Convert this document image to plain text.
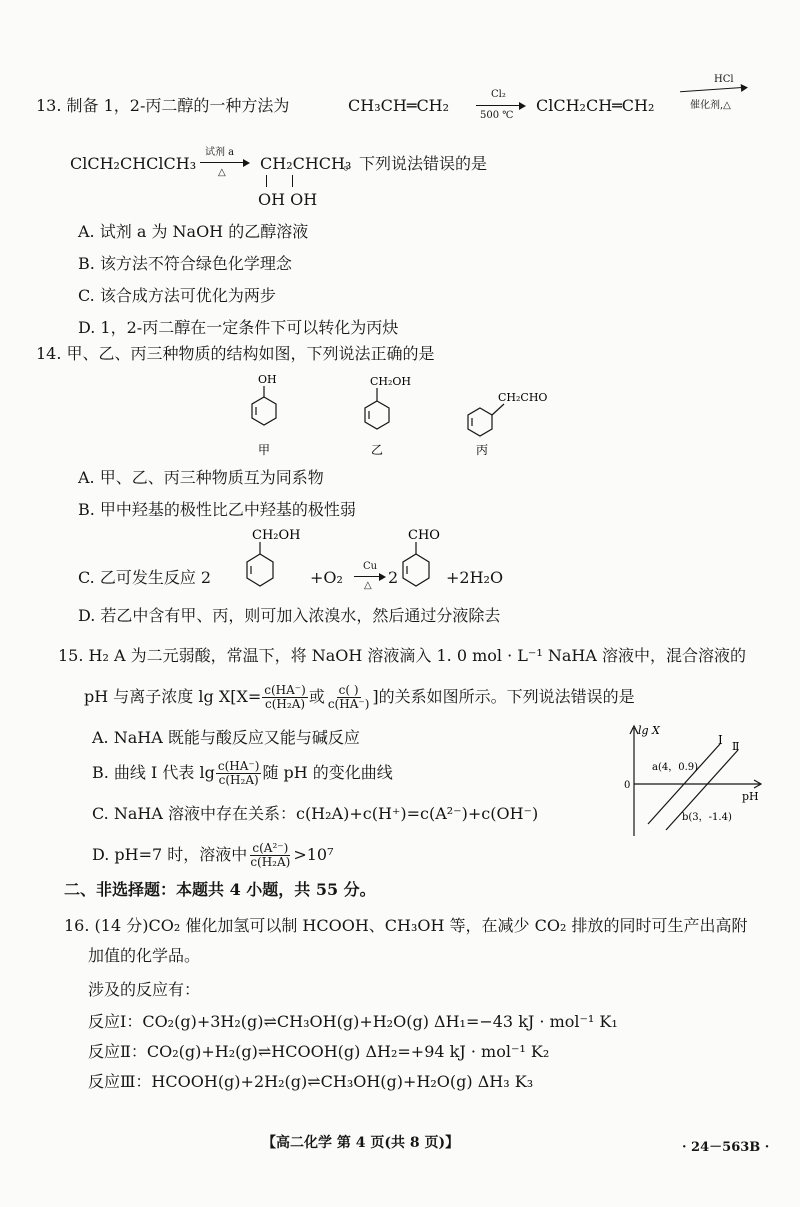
13. 制备 1，2-丙二醇的一种方法为	CH₃CH═CH₂
Cl₂
500 ℃
ClCH₂CH═CH₂
HCl
催化剂,△
ClCH₂CHClCH₃
试剂 a
△ CH₂CHCH₃
OH OH
。下列说法错误的是
A. 试剂 a 为 NaOH 的乙醇溶液
B. 该方法不符合绿色化学理念
C. 该合成方法可优化为两步
D. 1，2-丙二醇在一定条件下可以转化为丙炔
14. 甲、乙、丙三种物质的结构如图，下列说法正确的是
OH	CH₂OH
CH₂CHO
甲	乙	丙
A. 甲、乙、丙三种物质互为同系物
B. 甲中羟基的极性比乙中羟基的极性弱
C. 乙可发生反应 2
CH₂OH	CHO
+O₂
Cu
△ 2	+2H₂O
D. 若乙中含有甲、丙，则可加入浓溴水，然后通过分液除去
15. H₂ A 为二元弱酸，常温下，将 NaOH 溶液滴入 1. 0 mol · L⁻¹ NaHA 溶液中，混合溶液的
pH 与离子浓度 $\lg X[X= \frac{c(HA^-)}{\text{c(H₂A)}}$ 或 $\frac{c( )}{c(HA^-)}$ ]的关系如图所示。下列说法错误的是
A. NaHA 既能与酸反应又能与碱反应
B. 曲线 Ⅰ 代表 $\lg \frac{c(HA^-)}{\text{c(H₂A)}}$ 随 pH 的变化曲线
C. NaHA 溶液中存在关系：c(H₂A)+c(H⁺)=c(A²⁻)+c(OH⁻)
D. pH=7 时，溶液中 $\frac{\text{c(A²⁻)}}{\text{c(H₂A)}} >10^7$
lg X
0
pH
Ⅰ Ⅱ
a(4，0.9)
b(3，-1.4)
二、非选择题：本题共 4 小题，共 55 分。
16. (14 分)CO₂ 催化加氢可以制 HCOOH、CH₃OH 等，在减少 CO₂ 排放的同时可生产出高附
加值的化学品。
涉及的反应有：
反应Ⅰ：CO₂(g)+3H₂(g)⇌CH₃OH(g)+H₂O(g) ΔH₁=−43 kJ · mol⁻¹ K₁
反应Ⅱ：CO₂(g)+H₂(g)⇌HCOOH(g) ΔH₂=+94 kJ · mol⁻¹ K₂
反应Ⅲ：HCOOH(g)+2H₂(g)⇌CH₃OH(g)+H₂O(g) ΔH₃ K₃
【高二化学 第 4 页(共 8 页)】	· 24－563B ·
